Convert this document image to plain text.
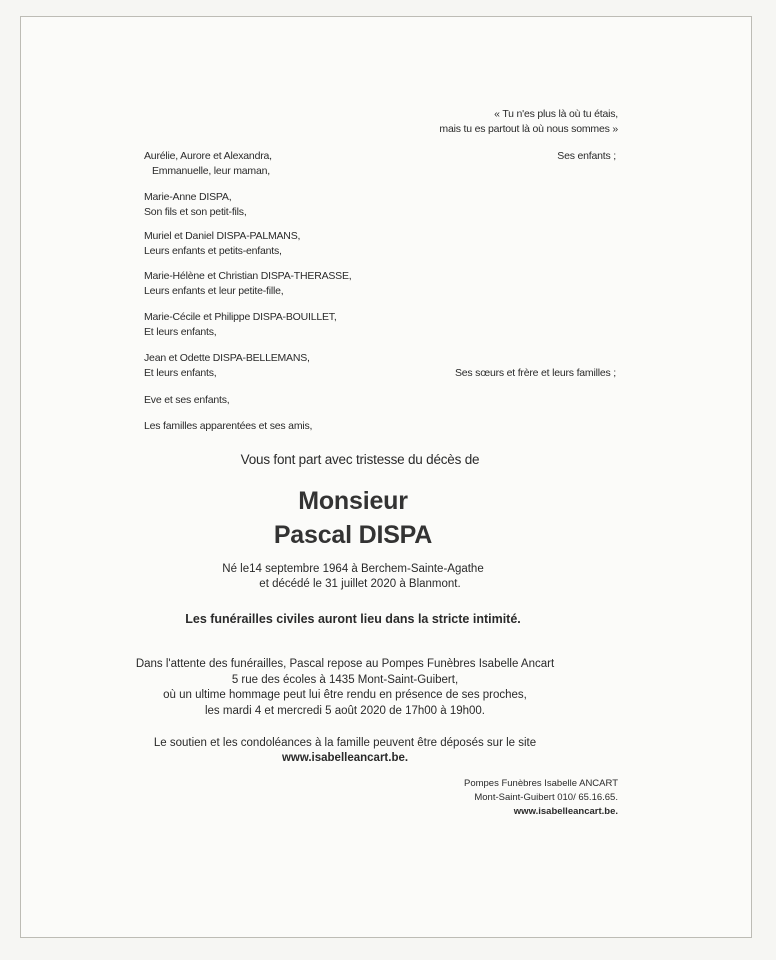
« Tu n'es plus là où tu étais,
mais tu es partout là où nous sommes »
Aurélie, Aurore et Alexandra,
Emmanuelle, leur maman,
Marie-Anne DISPA,
Son fils et son petit-fils,
Muriel et Daniel DISPA-PALMANS,
Leurs enfants et petits-enfants,
Marie-Hélène et Christian DISPA-THERASSE,
Leurs enfants et leur petite-fille,
Marie-Cécile et Philippe DISPA-BOUILLET,
Et leurs enfants,
Jean et Odette DISPA-BELLEMANS,
Et leurs enfants,
Eve et ses enfants,
Les familles apparentées et ses amis,
Ses enfants ;
Ses sœurs et frère et leurs familles ;
Vous font part avec tristesse du décès de
Monsieur
Pascal DISPA
Né le14 septembre 1964 à Berchem-Sainte-Agathe
et décédé le 31 juillet 2020 à Blanmont.
Les funérailles civiles auront lieu dans la stricte intimité.
Dans l'attente des funérailles, Pascal repose au Pompes Funèbres Isabelle Ancart
5 rue des écoles à 1435 Mont-Saint-Guibert,
où un ultime hommage peut lui être rendu en présence de ses proches,
les mardi 4 et mercredi 5 août 2020 de 17h00 à 19h00.
Le soutien et les condoléances à la famille peuvent être déposés sur le site
www.isabelleancart.be.
Pompes Funèbres Isabelle ANCART
Mont-Saint-Guibert 010/ 65.16.65.
www.isabelleancart.be.
